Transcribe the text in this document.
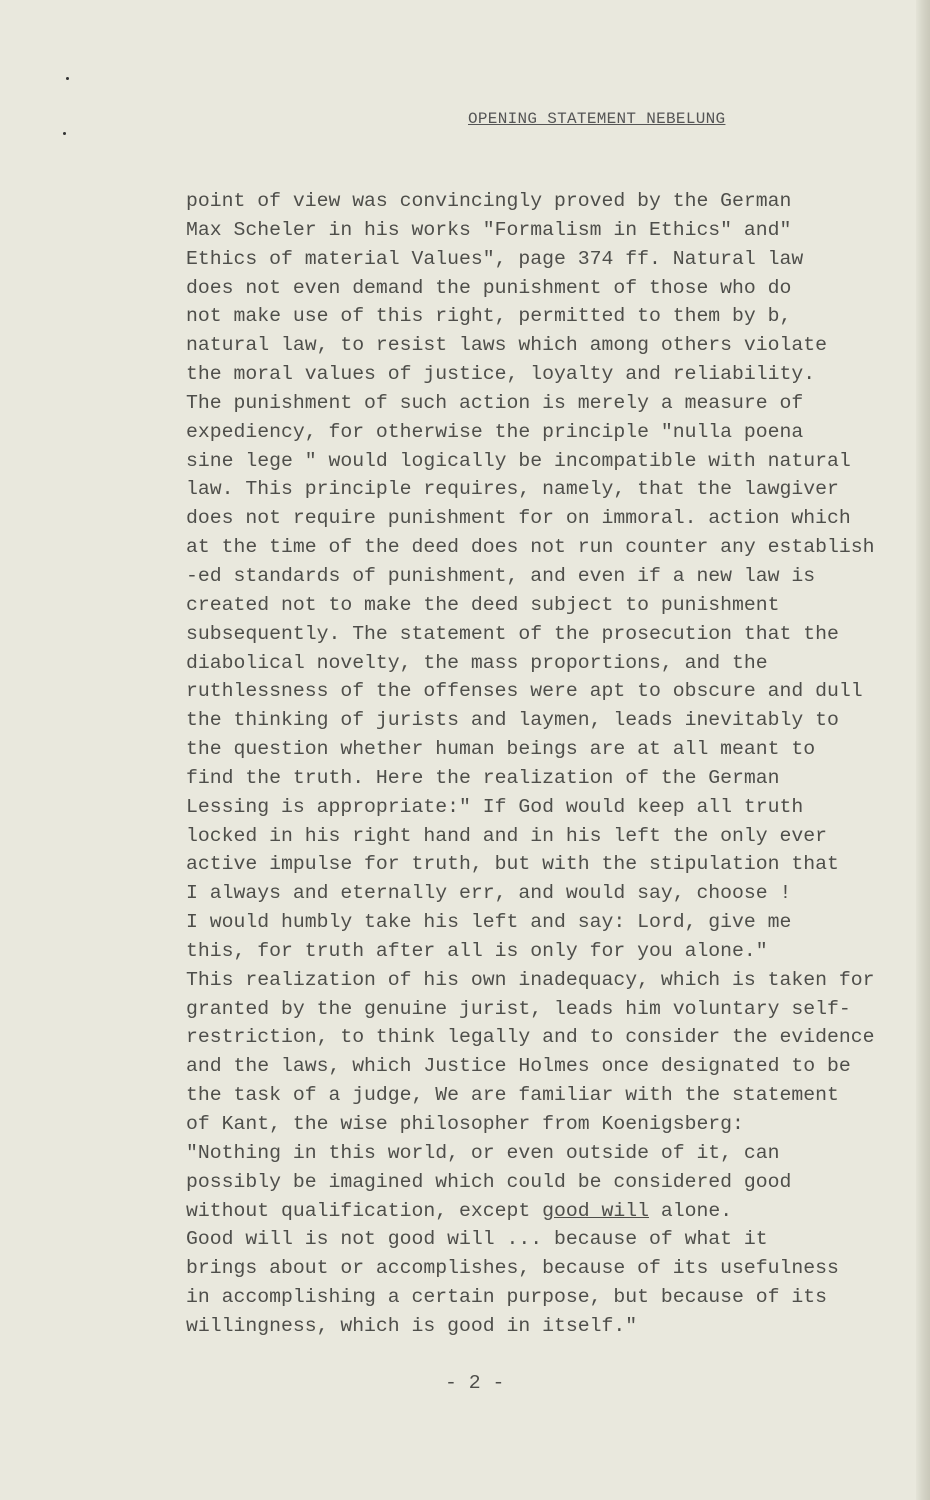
OPENING STATEMENT NEBELUNG
point of view was convincingly proved by the German
Max Scheler in his works "Formalism in Ethics" and"
Ethics of material Values", page 374 ff. Natural law
does not even demand the punishment of those who do
not make use of this right, permitted to them by b,
natural law, to resist laws which among others violate
the moral values of justice, loyalty and reliability.
The punishment of such action is merely a measure of
expediency, for otherwise the principle "nulla poena
sine lege " would logically be incompatible with natural
law. This principle requires, namely, that the lawgiver
does not require punishment for on immoral. action which
at the time of the deed does not run counter any establish
-ed standards of punishment, and even if a new law is
created not to make the deed subject to punishment
subsequently. The statement of the prosecution that the
diabolical novelty, the mass proportions, and the
ruthlessness of the offenses were apt to obscure and dull
the thinking of jurists and laymen, leads inevitably to
the question whether human beings are at all meant to
find the truth. Here the realization of the German
Lessing is appropriate:" If God would keep all truth
locked in his right hand and in his left the only ever
active impulse for truth, but with the stipulation that
I always and eternally err, and would say, choose !
I would humbly take his left and say: Lord, give me
this, for truth after all is only for you alone."
This realization of his own inadequacy, which is taken for
granted by the genuine jurist, leads him voluntary self-
restriction, to think legally and to consider the evidence
and the laws, which Justice Holmes once designated to be
the task of a judge, We are familiar with the statement
of Kant, the wise philosopher from Koenigsberg:
"Nothing in this world, or even outside of it, can
possibly be imagined which could be considered good
without qualification, except good will alone.
Good will is not good will ... because of what it
brings about or accomplishes, because of its usefulness
in accomplishing a certain purpose, but because of its
willingness, which is good in itself."
- 2 -
